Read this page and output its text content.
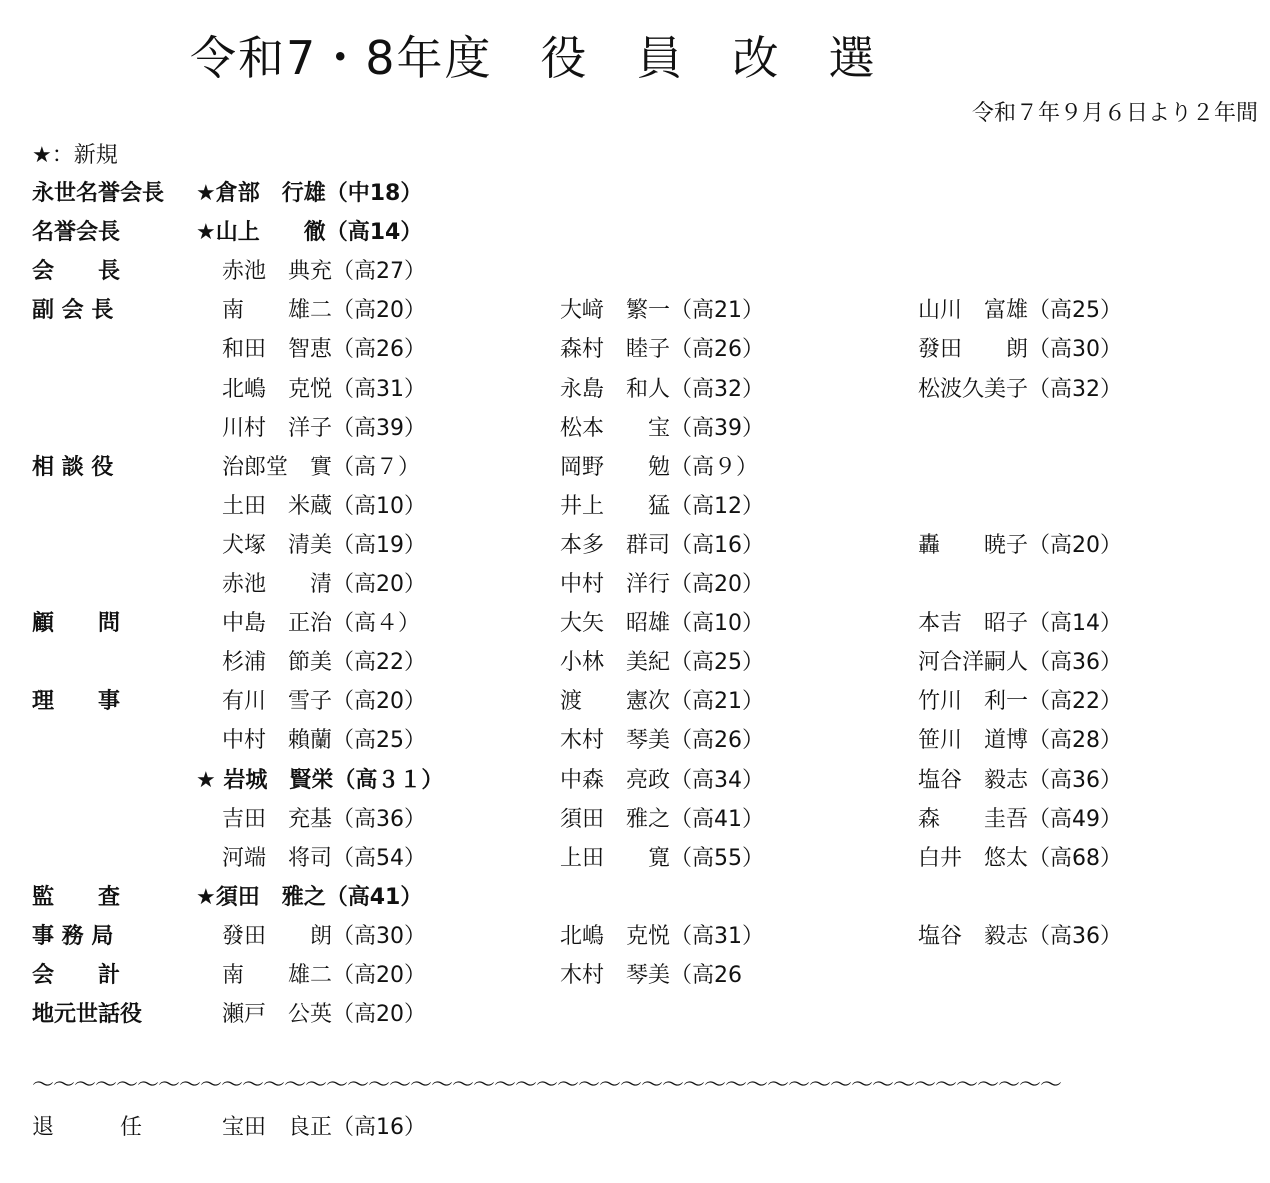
令和7・8年度　役　員　改　選
令和７年９月６日より２年間
★：新規
永世名誉会長 ★倉部　行雄（中18）
名誉会長	★山上　　徹（高14）
会　　長	赤池　典充（高27）
副 会 長	南　　雄二（高20）	大﨑　繁一（高21）	山川　富雄（高25）
和田　智恵（高26）	森村　睦子（高26）	發田　　朗（高30）
北嶋　克悦（高31）	永島　和人（高32）	松波久美子（高32）
川村　洋子（高39）	松本　　宝（高39）
相 談 役	治郎堂　實（高７）	岡野　　勉（高９）
土田　米蔵（高10）	井上　　猛（高12）
犬塚　清美（高19）	本多　群司（高16）	轟　　暁子（高20）
赤池　　清（高20）	中村　洋行（高20）
顧　　問	中島　正治（高４）	大矢　昭雄（高10）	本吉　昭子（高14）
杉浦　節美（高22）	小林　美紀（高25）	河合洋嗣人（高36）
理　　事	有川　雪子（高20）	渡　　憲次（高21）	竹川　利一（高22）
中村　賴蘭（高25）	木村　琴美（高26）	笹川　道博（高28）
★ 岩城　賢栄（高３１）	中森　亮政（高34）	塩谷　毅志（高36）
吉田　充基（高36）	須田　雅之（高41）	森　　圭吾（高49）
河端　将司（高54）	上田　　寛（高55）	白井　悠太（高68）
監　　査	★須田　雅之（高41）
事 務 局	發田　　朗（高30）	北嶋　克悦（高31）	塩谷　毅志（高36）
会　　計	南　　雄二（高20）	木村　琴美（高26
地元世話役	瀬戸　公英（高20）
～～～～～～～～～～～～～～～～～～～～～～～～～～～～～～～～～～～～～～～～～～～～～～～～～
退　　　任	宝田　良正（高16）
